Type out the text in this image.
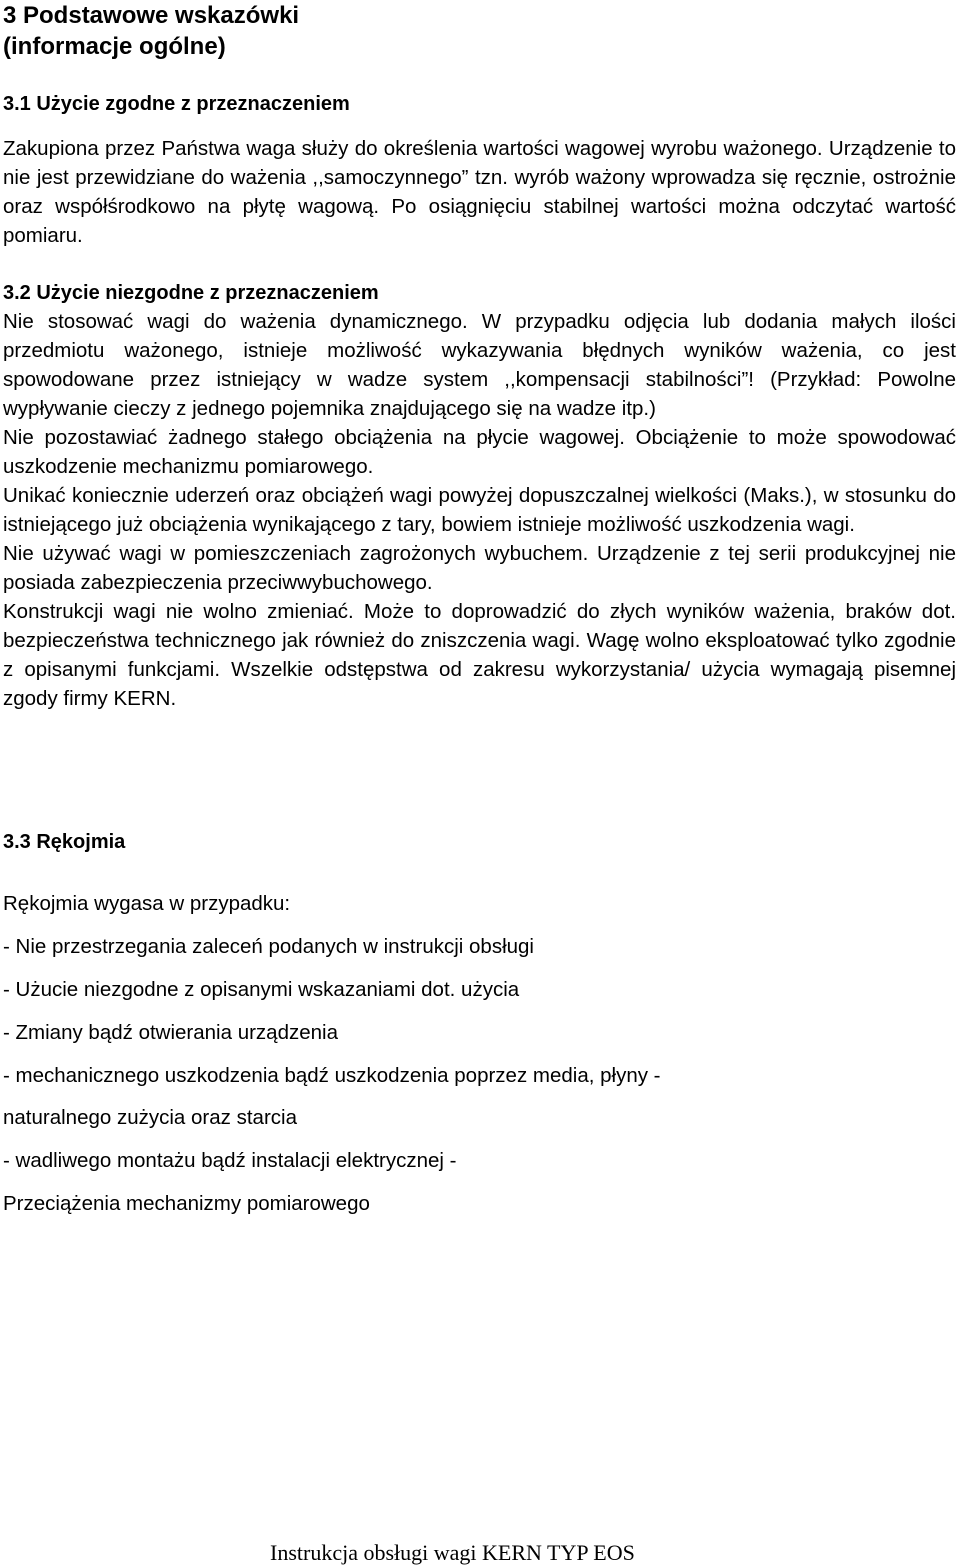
3 Podstawowe wskazówki
(informacje ogólne)
3.1 Użycie zgodne z przeznaczeniem

Zakupiona przez Państwa waga służy do określenia wartości wagowej wyrobu ważonego. Urządzenie to nie jest przewidziane do ważenia ,,samoczynnego” tzn. wyrób ważony wprowadza się ręcznie, ostrożnie oraz współśrodkowo na płytę wagową. Po osiągnięciu stabilnej wartości można odczytać wartość pomiaru.

3.2 Użycie niezgodne z przeznaczeniem

Nie stosować wagi do ważenia dynamicznego. W przypadku odjęcia lub dodania małych ilości przedmiotu ważonego, istnieje możliwość wykazywania błędnych wyników ważenia, co jest spowodowane przez istniejący w wadze system ,,kompensacji stabilności”! (Przykład: Powolne wypływanie cieczy z jednego pojemnika znajdującego się na wadze itp.)

Nie pozostawiać żadnego stałego obciążenia na płycie wagowej. Obciążenie to może spowodować uszkodzenie mechanizmu pomiarowego.

Unikać koniecznie uderzeń oraz obciążeń wagi powyżej dopuszczalnej wielkości (Maks.), w stosunku do istniejącego już obciążenia wynikającego z tary, bowiem istnieje możliwość uszkodzenia wagi.

Nie używać wagi w pomieszczeniach zagrożonych wybuchem. Urządzenie z tej serii produkcyjnej nie posiada zabezpieczenia przeciwwybuchowego.

Konstrukcji wagi nie wolno zmieniać. Może to doprowadzić do złych wyników ważenia, braków dot. bezpieczeństwa technicznego jak również do zniszczenia wagi. Wagę wolno eksploatować tylko zgodnie z opisanymi funkcjami. Wszelkie odstępstwa od zakresu wykorzystania/ użycia wymagają pisemnej zgody firmy KERN.

3.3 Rękojmia

Rękojmia wygasa w przypadku:

- Nie przestrzegania zaleceń podanych w instrukcji obsługi

- Użucie niezgodne z opisanymi wskazaniami dot. użycia

- Zmiany bądź otwierania urządzenia

- mechanicznego uszkodzenia bądź uszkodzenia poprzez media, płyny -

naturalnego zużycia oraz starcia

- wadliwego montażu bądź instalacji elektrycznej -

Przeciążenia mechanizmy pomiarowego

Instrukcja obsługi wagi KERN TYP EOS
